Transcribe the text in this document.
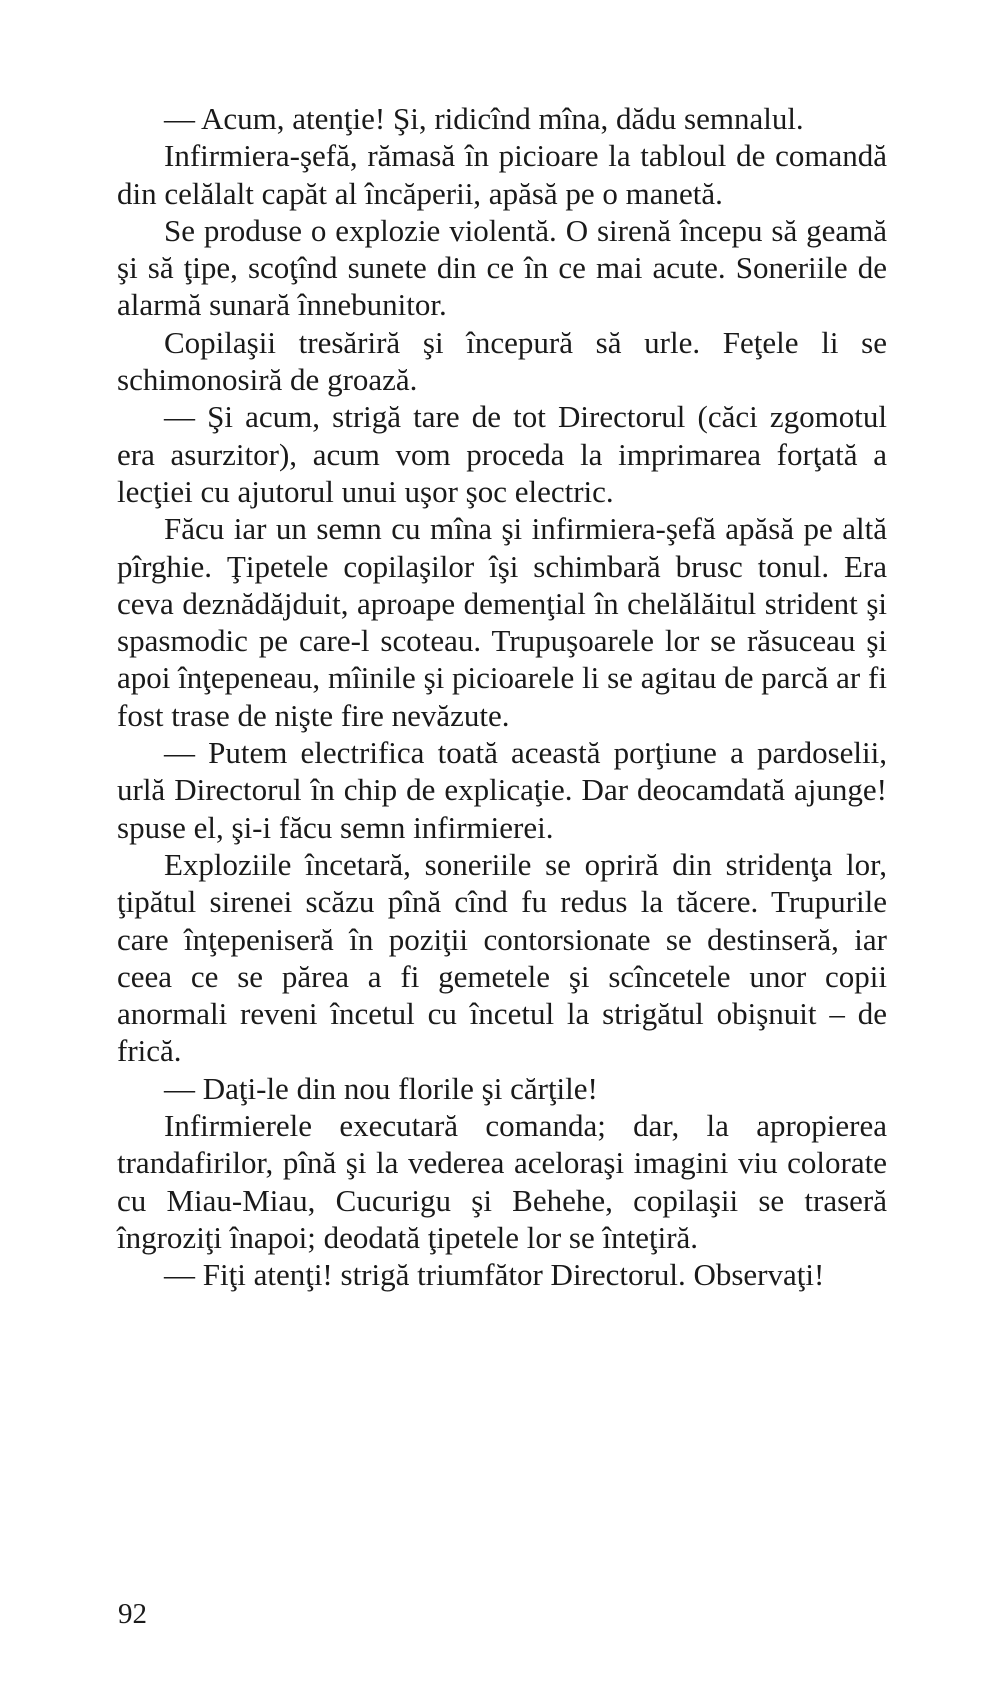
— Acum, atenţie! Şi, ridicînd mîna, dădu semnalul.

Infirmiera-şefă, rămasă în picioare la tabloul de comandă din celălalt capăt al încăperii, apăsă pe o manetă.

Se produse o explozie violentă. O sirenă începu să geamă şi să ţipe, scoţînd sunete din ce în ce mai acute. Soneriile de alarmă sunară înnebunitor.

Copilaşii tresăriră şi începură să urle. Feţele li se schimonosiră de groază.

— Şi acum, strigă tare de tot Directorul (căci zgomotul era asurzitor), acum vom proceda la imprimarea forţată a lecţiei cu ajutorul unui uşor şoc electric.

Făcu iar un semn cu mîna şi infirmiera-şefă apăsă pe altă pîrghie. Ţipetele copilaşilor îşi schimbară brusc tonul. Era ceva deznădăjduit, aproape demenţial în chelălăitul strident şi spasmodic pe care-l scoteau. Trupuşoarele lor se răsuceau şi apoi înţepeneau, mîinile şi picioarele li se agitau de parcă ar fi fost trase de nişte fire nevăzute.

— Putem electrifica toată această porţiune a pardoselii, urlă Directorul în chip de explicaţie. Dar deocamdată ajunge! spuse el, şi-i făcu semn infirmierei.

Exploziile încetară, soneriile se opriră din stridenţa lor, ţipătul sirenei scăzu pînă cînd fu redus la tăcere. Trupurile care înţepeniseră în poziţii contorsionate se destinseră, iar ceea ce se părea a fi gemetele şi scîncetele unor copii anormali reveni încetul cu încetul la strigătul obişnuit – de frică.

— Daţi-le din nou florile şi cărţile!

Infirmierele executară comanda; dar, la apropierea trandafirilor, pînă şi la vederea aceloraşi imagini viu colorate cu Miau-Miau, Cucurigu şi Behehe, copilaşii se traseră îngroziţi înapoi; deodată ţipetele lor se înteţiră.

— Fiţi atenţi! strigă triumfător Directorul. Observaţi!

92
